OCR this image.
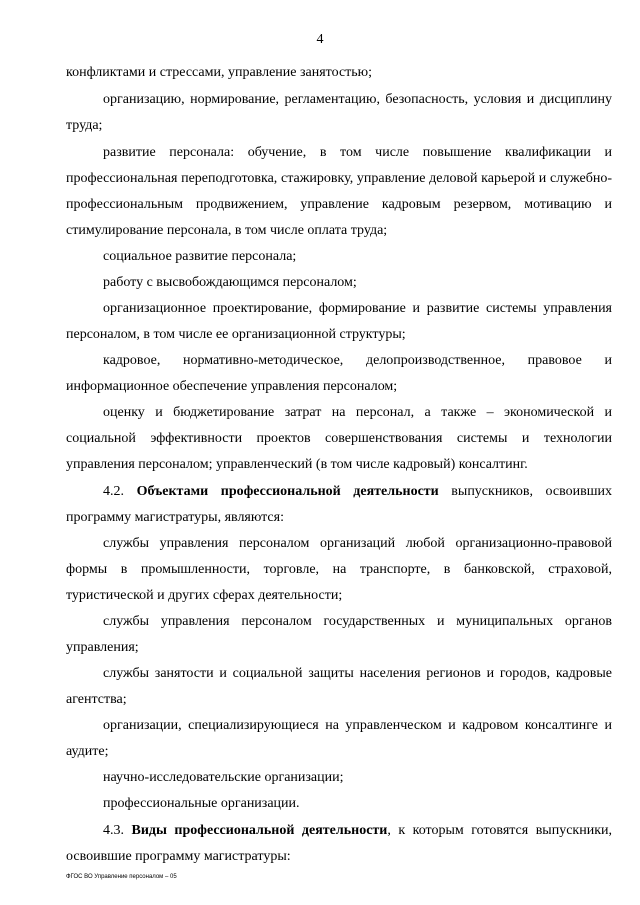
4

конфликтами и стрессами, управление занятостью;

организацию, нормирование, регламентацию, безопасность, условия и дисциплину труда;

развитие персонала: обучение, в том числе повышение квалификации и профессиональная переподготовка, стажировку, управление деловой карьерой и служебно-профессиональным продвижением, управление кадровым резервом, мотивацию и стимулирование персонала, в том числе оплата труда;

социальное развитие персонала;

работу с высвобождающимся персоналом;

организационное проектирование, формирование и развитие системы управления персоналом, в том числе ее организационной структуры;

кадровое, нормативно-методическое, делопроизводственное, правовое и информационное обеспечение управления персоналом;

оценку и бюджетирование затрат на персонал, а также – экономической и социальной эффективности проектов совершенствования системы и технологии управления персоналом; управленческий (в том числе кадровый) консалтинг.

4.2. Объектами профессиональной деятельности выпускников, освоивших программу магистратуры, являются:

службы управления персоналом организаций любой организационно-правовой формы в промышленности, торговле, на транспорте, в банковской, страховой, туристической и других сферах деятельности;

службы управления персоналом государственных и муниципальных органов управления;

службы занятости и социальной защиты населения регионов и городов, кадровые агентства;

организации, специализирующиеся на управленческом и кадровом консалтинге и аудите;

научно-исследовательские организации;

профессиональные организации.

4.3. Виды профессиональной деятельности, к которым готовятся выпускники, освоившие программу магистратуры:

ФГОС ВО Управление персоналом – 05
